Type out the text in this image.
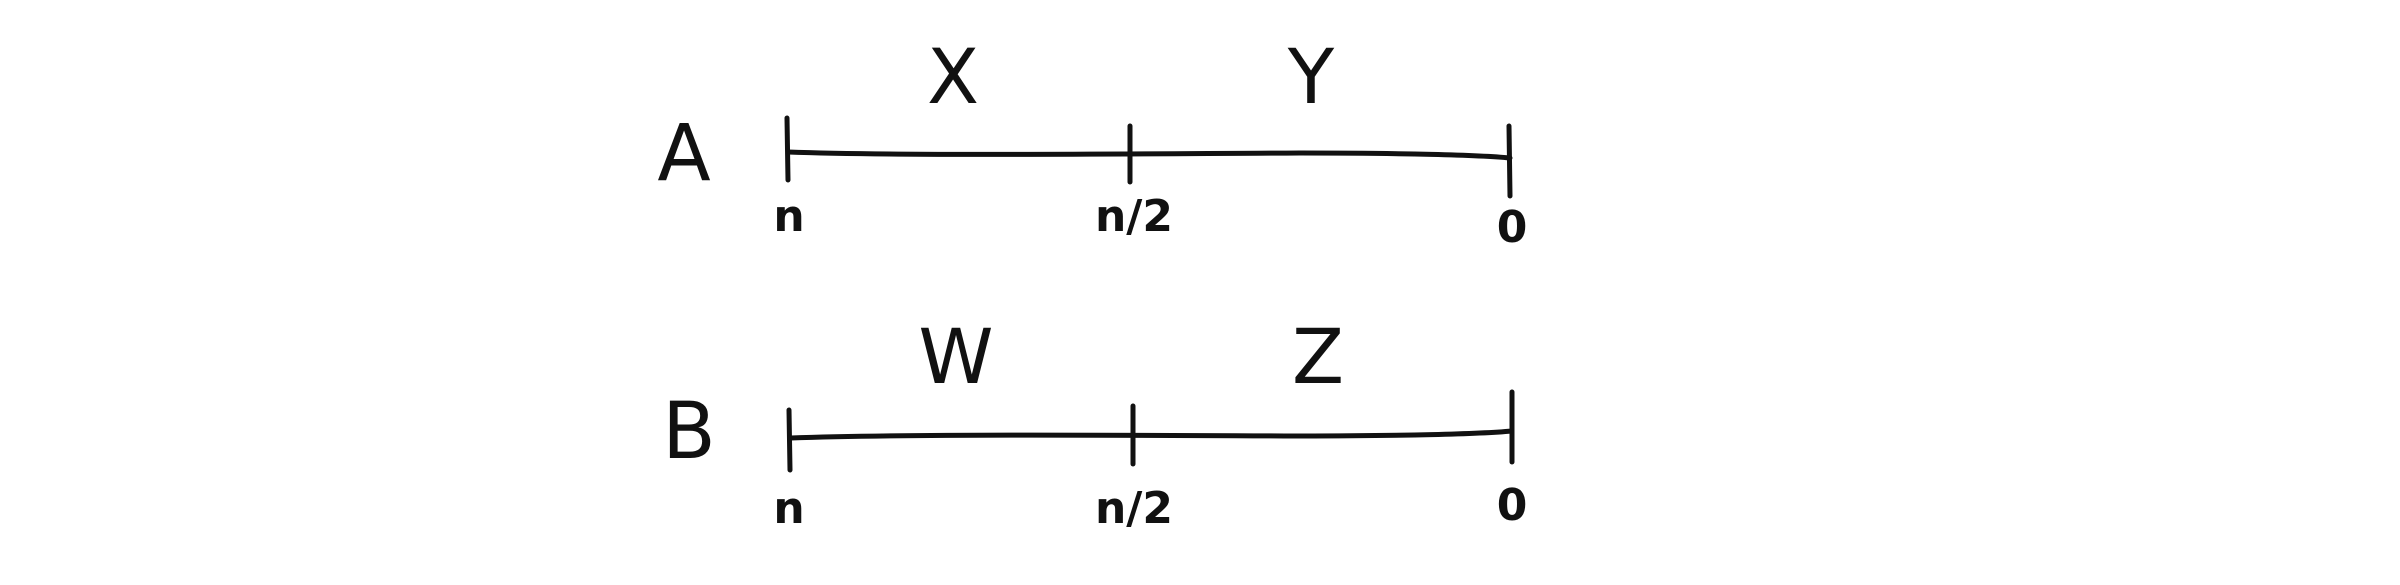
A
X	Y
n	n/2	0
B
W	Z
n	n/2	0
